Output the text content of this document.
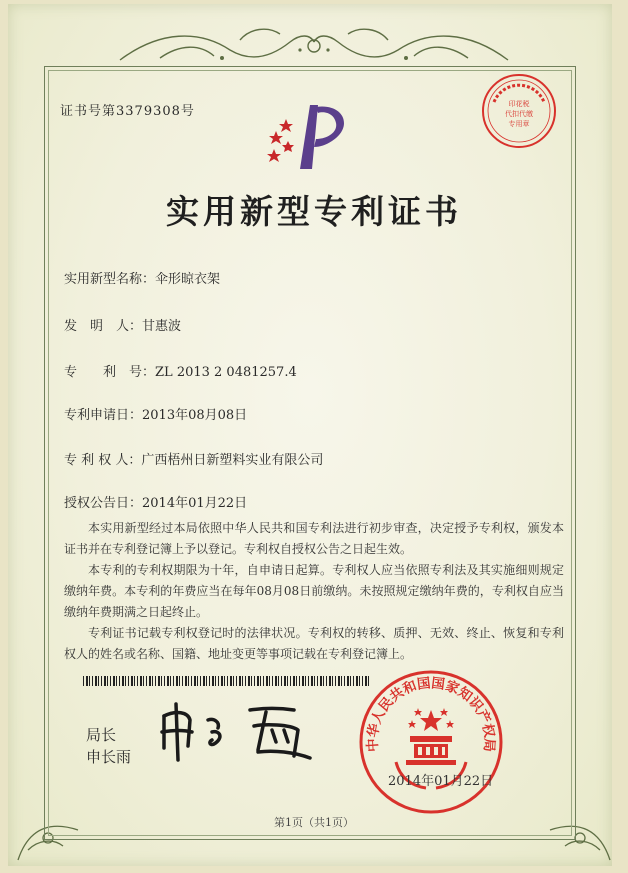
证书号第3379308号	印花税
代扣代缴
专用章
实用新型专利证书
实用新型名称：伞形晾衣架
发　明　人：甘惠波
专　　利　号：ZL 2013 2 0481257.4
专利申请日：2013年08月08日
专 利 权 人：广西梧州日新塑料实业有限公司
授权公告日：2014年01月22日
本实用新型经过本局依照中华人民共和国专利法进行初步审查，决定授予专利权，颁发本证书并在专利登记簿上予以登记。专利权自授权公告之日起生效。
本专利的专利权期限为十年，自申请日起算。专利权人应当依照专利法及其实施细则规定缴纳年费。本专利的年费应当在每年08月08日前缴纳。未按照规定缴纳年费的，专利权自应当缴纳年费期满之日起终止。
专利证书记载专利权登记时的法律状况。专利权的转移、质押、无效、终止、恢复和专利权人的姓名或名称、国籍、地址变更等事项记载在专利登记簿上。
局长
申长雨
中华人民共和国国家知识产权局
2014年01月22日
第1页（共1页）
